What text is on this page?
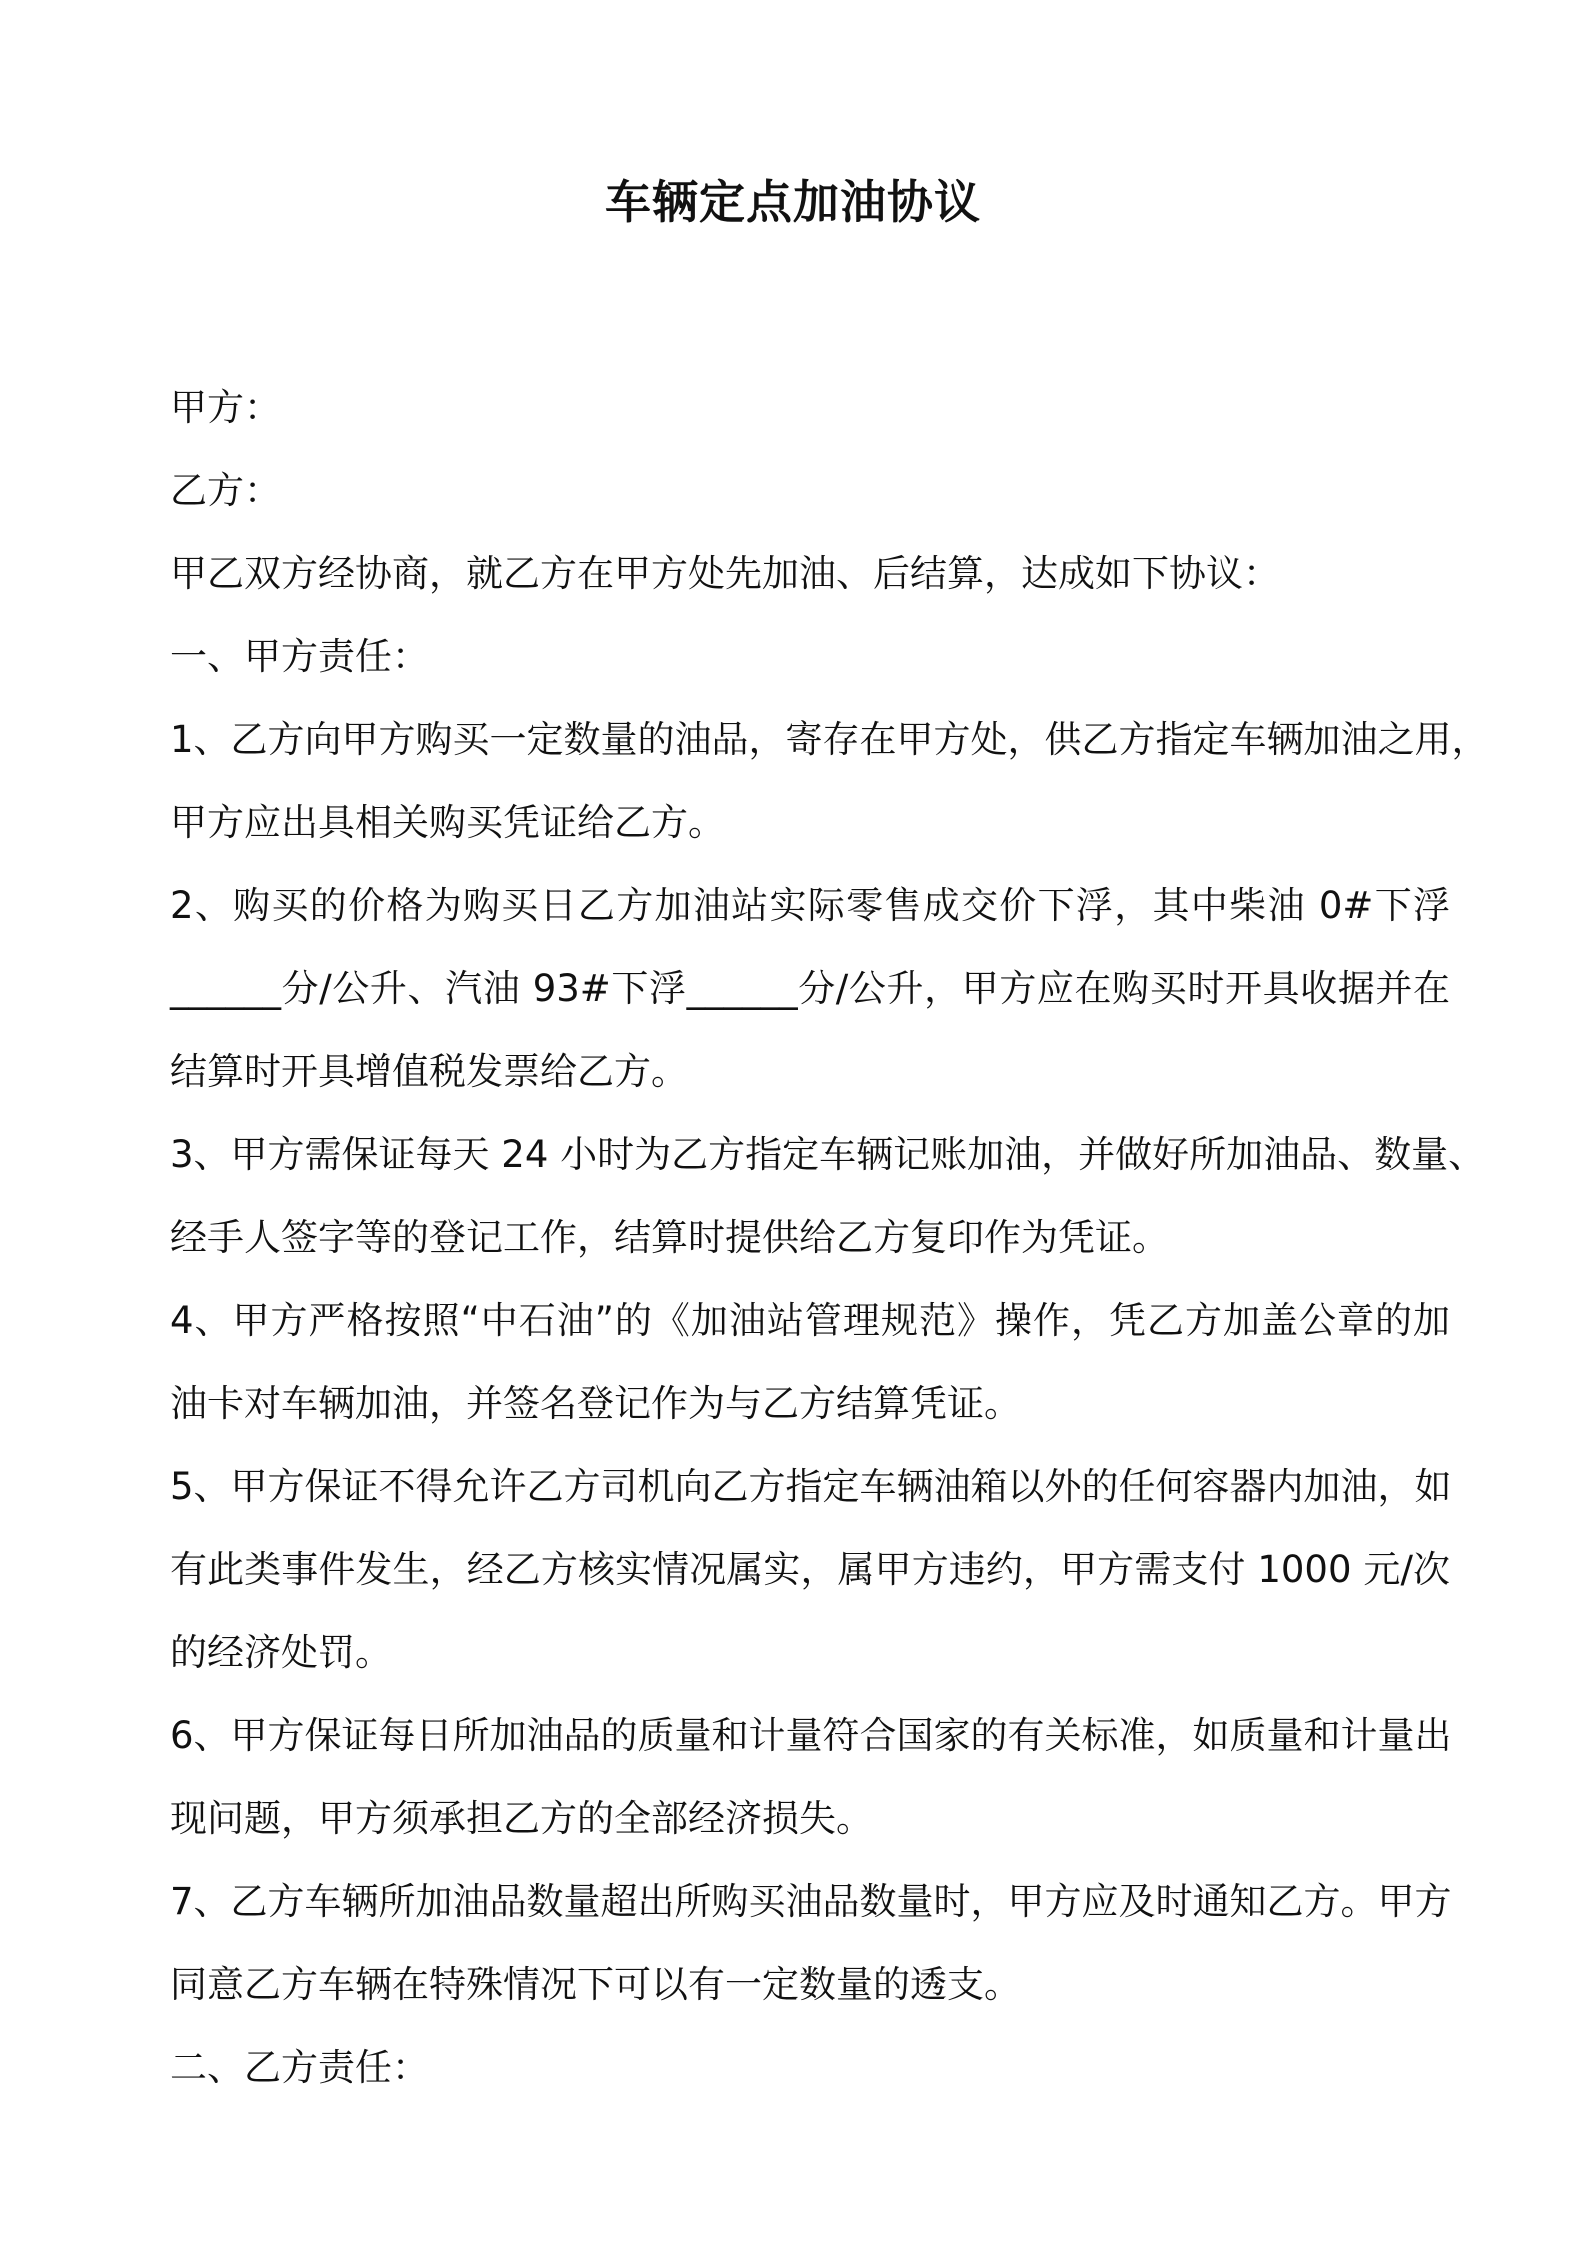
车辆定点加油协议
甲方：
乙方：
甲乙双方经协商，就乙方在甲方处先加油、后结算，达成如下协议：
一、甲方责任：
1、乙方向甲方购买一定数量的油品，寄存在甲方处，供乙方指定车辆加油之用，
甲方应出具相关购买凭证给乙方。
2、购买的价格为购买日乙方加油站实际零售成交价下浮，其中柴油 0#下浮
______分/公升、汽油 93#下浮______分/公升，甲方应在购买时开具收据并在
结算时开具增值税发票给乙方。
3、甲方需保证每天 24 小时为乙方指定车辆记账加油，并做好所加油品、数量、
经手人签字等的登记工作，结算时提供给乙方复印作为凭证。
4、甲方严格按照“中石油”的《加油站管理规范》操作，凭乙方加盖公章的加
油卡对车辆加油，并签名登记作为与乙方结算凭证。
5、甲方保证不得允许乙方司机向乙方指定车辆油箱以外的任何容器内加油，如
有此类事件发生，经乙方核实情况属实，属甲方违约，甲方需支付 1000 元/次
的经济处罚。
6、甲方保证每日所加油品的质量和计量符合国家的有关标准，如质量和计量出
现问题，甲方须承担乙方的全部经济损失。
7、乙方车辆所加油品数量超出所购买油品数量时，甲方应及时通知乙方。甲方
同意乙方车辆在特殊情况下可以有一定数量的透支。
二、乙方责任：
